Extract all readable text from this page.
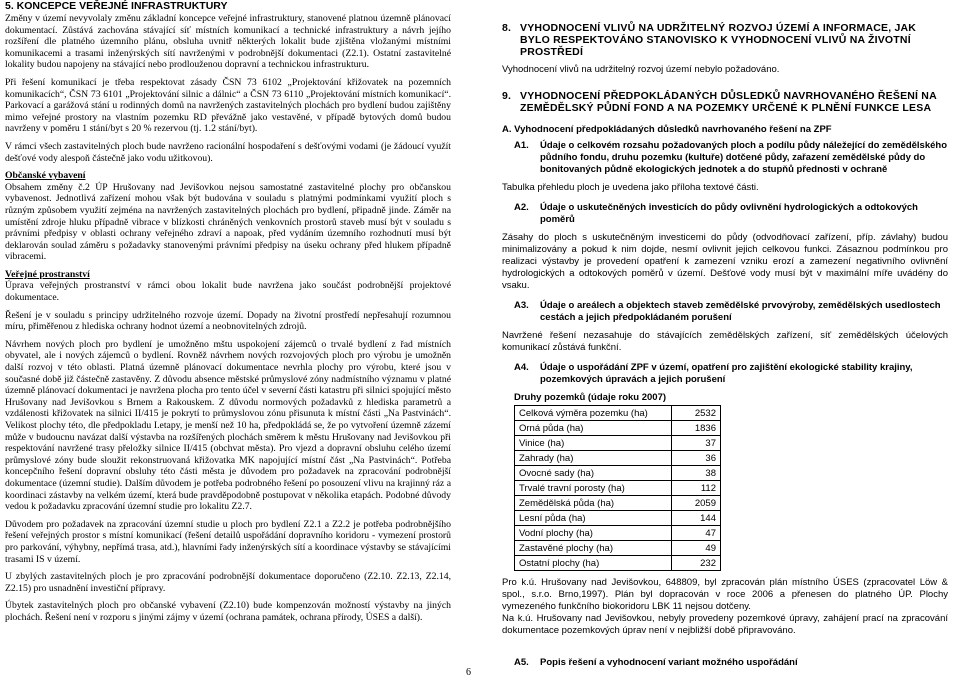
5. KONCEPCE VEŘEJNÉ INFRASTRUKTURY

Změny v území nevyvolaly změnu základní koncepce veřejné infrastruktury, stanovené platnou územně plánovací dokumentací. Zůstává zachována stávající síť místních komunikací a technické infrastruktury a návrh jejího rozšíření dle platného územního plánu, obsluha uvnitř některých lokalit bude zjištěna vložanými místními komunikacemi a trasami inženýrských sítí navrženými v podrobnější dokumentaci (Z2.1). Ostatní zastavitelné lokality budou napojeny na stávající nebo prodlouženou dopravní a technickou infrastrukturu.

Při řešení komunikací je třeba respektovat zásady ČSN 73 6102 „Projektování křižovatek na pozemních komunikacích“, ČSN 73 6101 „Projektování silnic a dálnic“ a ČSN 73 6110 „Projektování místních komunikací“. Parkovací a garážová stání u rodinných domů na navržených zastavitelných plochách pro bydlení budou zajištěny mimo veřejné prostory na vlastním pozemku RD převážně jako vestavěné, v případě bytových domů budou navrženy v poměru 1 stání/byt s 20 % rezervou (tj. 1.2 stání/byt).

V rámci všech zastavitelných ploch bude navrženo racionální hospodaření s dešťovými vodami (je žádoucí využít dešťové vody alespoň částečně jako vodu užitkovou).

Občanské vybavení

Obsahem změny č.2 ÚP Hrušovany nad Jevišovkou nejsou samostatné zastavitelné plochy pro občanskou vybavenost. Jednotlivá zařízení mohou však být budována v souladu s platnými podmínkami využití ploch s různým způsobem využití zejména na navržených zastavitelných plochách pro bydlení, připadně jinde. Záměr na umístění zdroje hluku případně vibrace v blízkosti chráněných venkovních prostorů staveb musí být v souladu s právními předpisy v oblasti ochrany veřejného zdraví a napoak, před vydáním územního rozhodnutí musí být deklarován soulad záměru s požadavky stanovenými právními předpisy na úseku ochrany před hlukem případně vibracemi.

Veřejné prostranství

Úprava veřejných prostranství v rámci obou lokalit bude navržena jako součást podrobnější projektové dokumentace.

Řešení je v souladu s principy udržitelného rozvoje území. Dopady na životní prostředí nepřesahují rozumnou míru, přiměřenou z hlediska ochrany hodnot území a neobnovitelných zdrojů.

Návrhem nových ploch pro bydlení je umožněno mštu uspokojení zájemců o trvalé bydlení z řad místních obyvatel, ale i nových zájemců o bydlení. Rovněž návrhem nových rozvojových ploch pro výrobu je umožněn další rozvoj v této oblasti. Platná územně plánovací dokumentace nevrhla plochy pro výrobu, které jsou v současné době již částečně zastavěny. Z důvodu absence městské průmyslové zóny nadmístního významu v platné územně plánovací dokumentaci je navržena plocha pro tento účel v severní části katastru při silnici spojující město Hrušovany nad Jevišovkou s Brnem a Rakouskem. Z důvodu normových požadavků z hlediska parametrů a vzdálenosti křižovatek na silnici II/415 je pokrytí to průmyslovou zónu přisunuta k místní části „Na Pastvinách“. Velikost plochy této, dle předpokladu I.etapy, je menší než 10 ha, předpokládá se, že po vytvoření územně zázemí může v budoucnu navázat další výstavba na rozšířených plochách směrem k městu Hrušovany nad Jevišovkou při respektování navržené trasy přeložky silnice II/415 (obchvat města). Pro vjezd a dopravní obsluhu celého území průmyslové zóny bude sloužit rekonstruovaná křižovatka MK napojující místní část „Na Pastvinách“. Potřeba koncepčního řešení dopravní obsluhy této části města je důvodem pro požadavek na zpracování podrobnější dokumentace (územní studie). Dalším důvodem je potřeba podrobného řešení po posouzení vlivu na krajinný ráz a koordinaci zástavby na velkém území, která bude pravděpodobně postupovat v několika etapách. Podobné důvody vedou k požadavku zpracování územní studie pro lokalitu Z2.7.

Důvodem pro požadavek na zpracování územní studie u ploch pro bydlení Z2.1 a Z2.2 je potřeba podrobnějšího řešení veřejných prostor s místní komunikací (řešení detailů uspořádání dopravního koridoru - vymezení prostorů pro parkování, výhybny, nepřímá trasa, atd.), hlavními řady inženýrských sítí a koordinace výstavby se stávajícími trasami IS v území.

U zbylých zastavitelných ploch je pro zpracování podrobnější dokumentace doporučeno (Z2.10. Z2.13, Z2.14, Z2.15) pro usnadnění investiční přípravy.

Úbytek zastavitelných ploch pro občanské vybavení (Z2.10) bude kompenzován možností výstavby na jiných plochách. Řešení není v rozporu s jinými zájmy v území (ochrana památek, ochrana přírody, ÚSES a další).

8. VYHODNOCENÍ VLIVŮ NA UDRŽITELNÝ ROZVOJ ÚZEMÍ A INFORMACE, JAK BYLO RESPEKTOVÁNO STANOVISKO K VYHODNOCENÍ VLIVŮ NA ŽIVOTNÍ PROSTŘEDÍ

Vyhodnocení vlivů na udržitelný rozvoj území nebylo požadováno.

9. VYHODNOCENÍ PŘEDPOKLÁDANÝCH DŮSLEDKŮ NAVRHOVANÉHO ŘEŠENÍ NA ZEMĚDĚLSKÝ PŮDNÍ FOND A NA POZEMKY URČENÉ K PLNĚNÍ FUNKCE LESA
A. Vyhodnocení předpokládaných důsledků navrhovaného řešení na ZPF
A1.	Údaje o celkovém rozsahu požadovaných ploch a podílu půdy náležející do zemědělského půdního fondu, druhu pozemku (kultuře) dotčené půdy, zařazení zemědělské půdy do bonitovaných půdně ekologických jednotek a do stupňů přednosti v ochraně

Tabulka přehledu ploch je uvedena jako příloha textové části.

A2.	Údaje o uskutečněných investicích do půdy ovlivnění hydrologických a odtokových poměrů

Zásahy do ploch s uskutečněným investicemi do půdy (odvodňovací zařízení, příp. závlahy) budou minimalizovány a pokud k nim dojde, nesmí ovlivnit jejich celkovou funkci. Zásaznou podmínkou pro realizaci výstavby je provedení opatření k zamezení vzniku erozí a zamezení negativního ovlivnění hydrologických a odtokových poměrů v území. Dešťové vody musí být v maximální míře uvádény do vsaku.

A3.	Údaje o areálech a objektech staveb zemědělské prvovýroby, zemědělských usedlostech cestách a jejich předpokládaném porušení

Navržené řešení nezasahuje do stávajících zemědělských zařízení, síť zemědělských účelových komunikací zůstává funkční.

A4.	Údaje o uspořádání ZPF v území, opatření pro zajištění ekologické stability krajiny, pozemkových úpravách a jejich porušení
Druhy pozemků (údaje roku 2007)
Celková výměra pozemku (ha)	2532
Orná půda (ha)	1836
Vinice (ha)	37
Zahrady (ha)	36
Ovocné sady (ha)	38
Trvalé travní porosty (ha)	112
Zemědělská půda (ha)	2059
Lesní půda (ha)	144
Vodní plochy (ha)	47
Zastavěné plochy (ha)	49
Ostatní plochy (ha)	232

Pro k.ú. Hrušovany nad Jevišovkou, 648809, byl zpracován plán místního ÚSES (zpracovatel Löw & spol., s.r.o. Brno,1997). Plán byl dopracován v roce 2006 a přenesen do platného ÚP. Plochy vymezeného funkčního biokoridoru LBK 11 nejsou dotčeny.

Na k.ú. Hrušovany nad Jevišovkou, nebyly provedeny pozemkové úpravy, zahájení prací na zpracování dokumentace pozemkových úprav není v nejbližší době připravováno.

A5.	Popis řešení a vyhodnocení variant možného uspořádání
6
